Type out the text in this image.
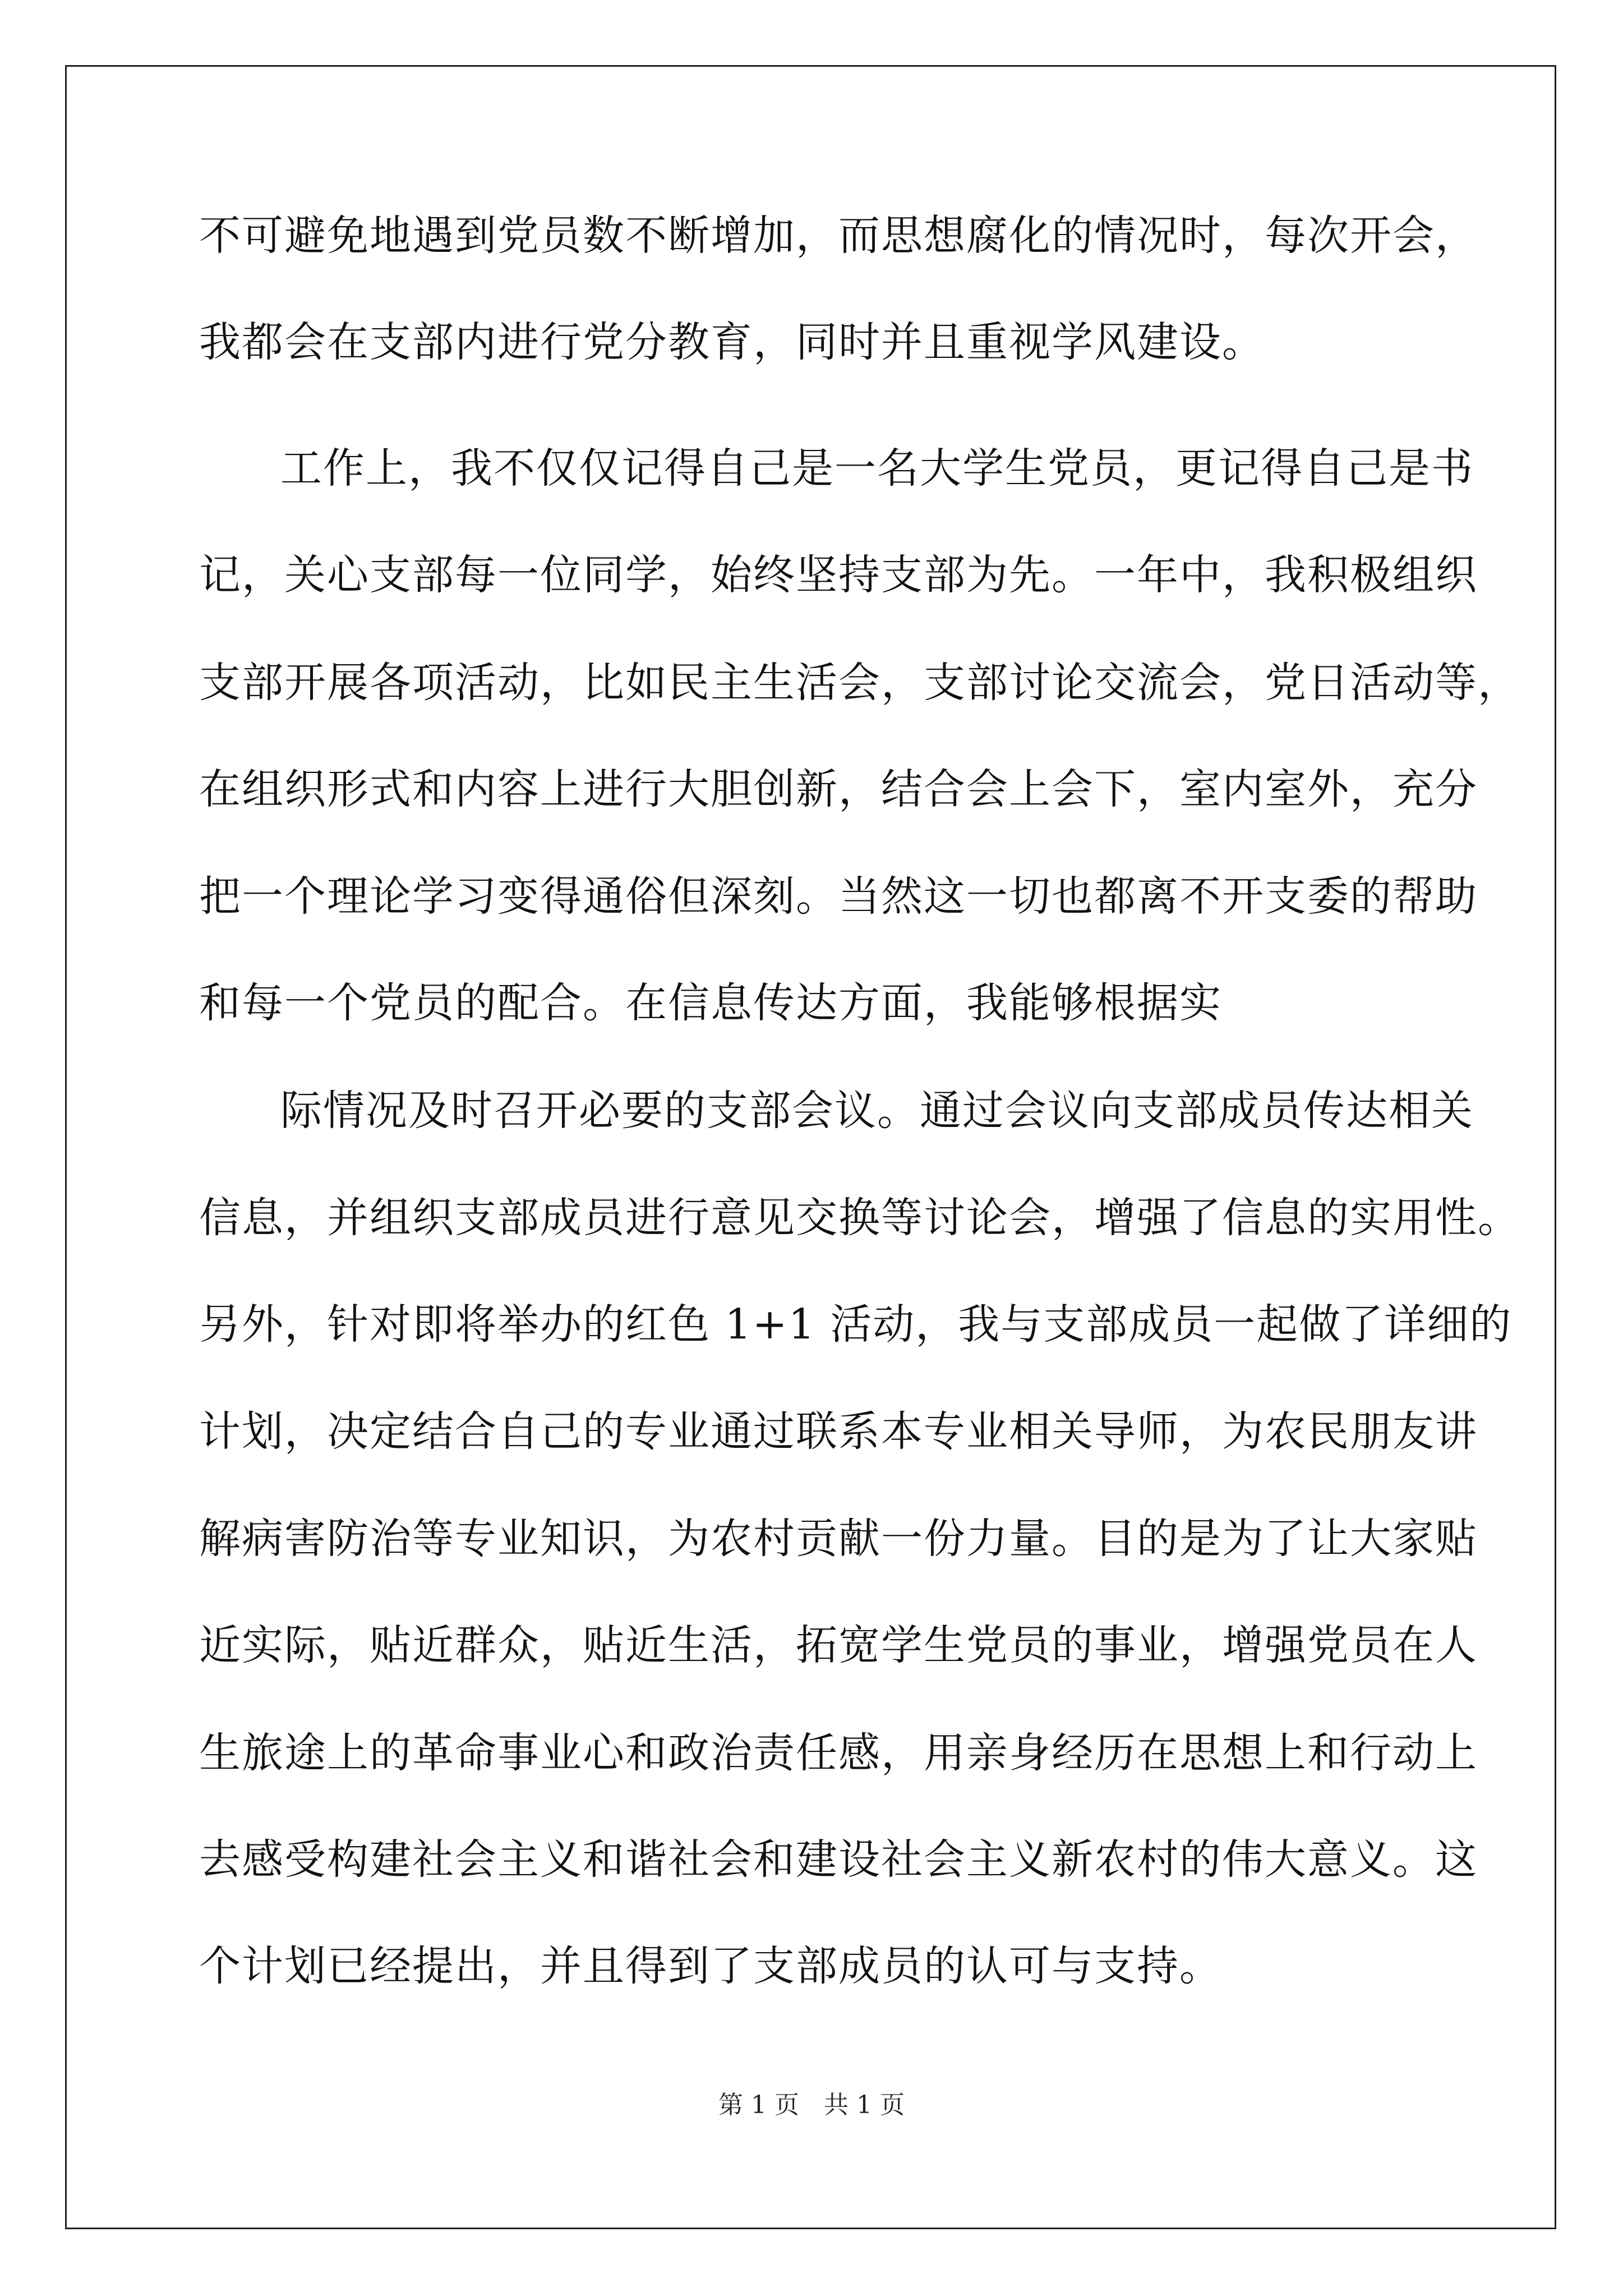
不可避免地遇到党员数不断增加，而思想腐化的情况时，每次开会，
我都会在支部内进行党分教育，同时并且重视学风建设。
工作上，我不仅仅记得自己是一名大学生党员，更记得自己是书
记，关心支部每一位同学，始终坚持支部为先。一年中，我积极组织
支部开展各项活动，比如民主生活会，支部讨论交流会，党日活动等，
在组织形式和内容上进行大胆创新，结合会上会下，室内室外，充分
把一个理论学习变得通俗但深刻。当然这一切也都离不开支委的帮助
和每一个党员的配合。在信息传达方面，我能够根据实
际情况及时召开必要的支部会议。通过会议向支部成员传达相关
信息，并组织支部成员进行意见交换等讨论会，增强了信息的实用性。
另外，针对即将举办的红色 1+1 活动，我与支部成员一起做了详细的
计划，决定结合自己的专业通过联系本专业相关导师，为农民朋友讲
解病害防治等专业知识，为农村贡献一份力量。目的是为了让大家贴
近实际，贴近群众，贴近生活，拓宽学生党员的事业，增强党员在人
生旅途上的革命事业心和政治责任感，用亲身经历在思想上和行动上
去感受构建社会主义和谐社会和建设社会主义新农村的伟大意义。这
个计划已经提出，并且得到了支部成员的认可与支持。
第 1 页　共 1 页
